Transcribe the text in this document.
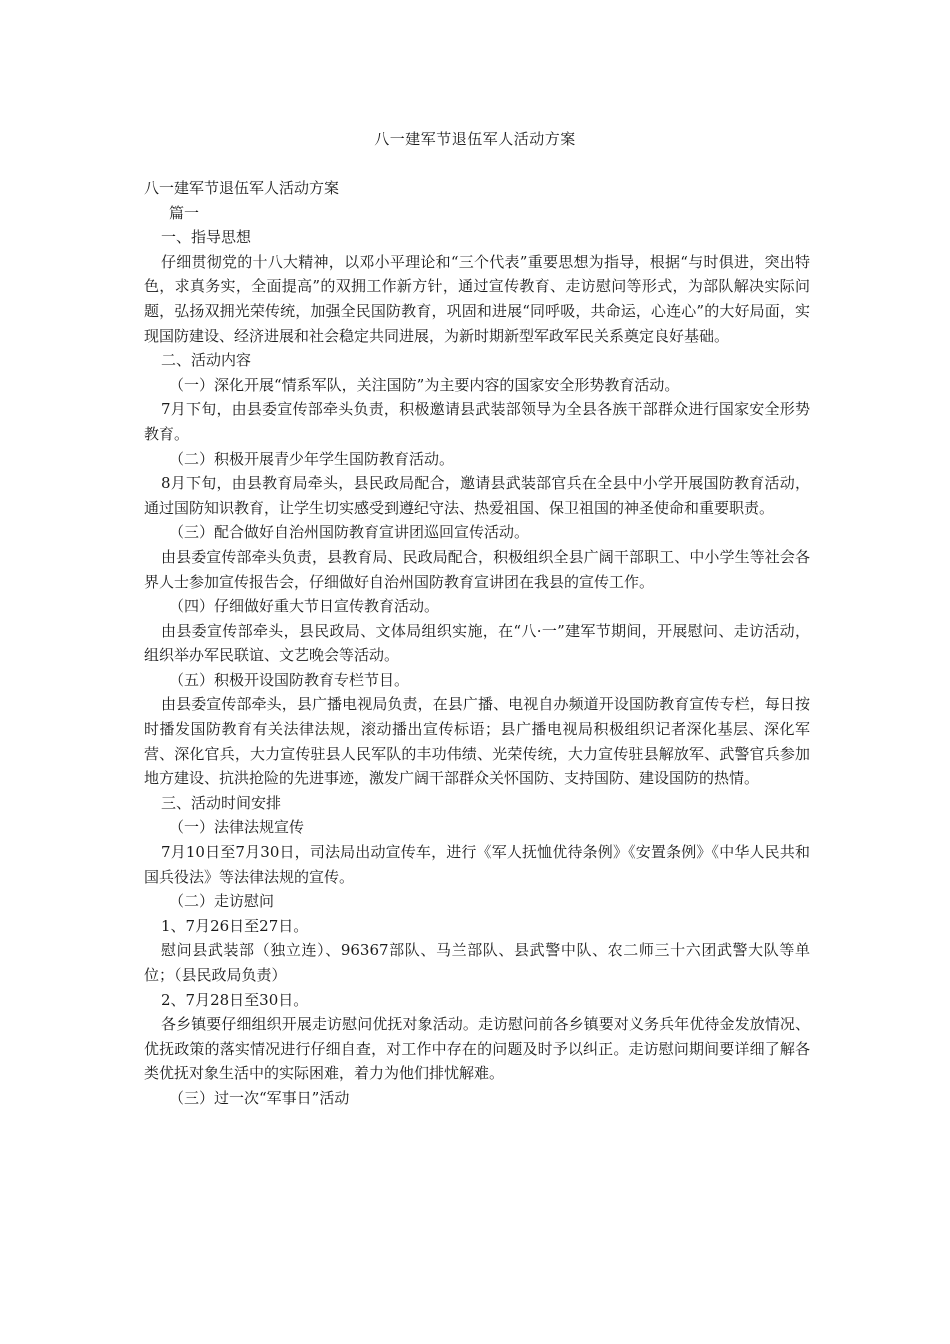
八一建军节退伍军人活动方案

八一建军节退伍军人活动方案

篇一

一、指导思想

仔细贯彻党的十八大精神，以邓小平理论和“三个代表”重要思想为指导，根据“与时俱进，突出特色，求真务实，全面提高”的双拥工作新方针，通过宣传教育、走访慰问等形式，为部队解决实际问题，弘扬双拥光荣传统，加强全民国防教育，巩固和进展“同呼吸，共命运，心连心”的大好局面，实现国防建设、经济进展和社会稳定共同进展，为新时期新型军政军民关系奠定良好基础。

二、活动内容

（一）深化开展“情系军队，关注国防”为主要内容的国家安全形势教育活动。

7月下旬，由县委宣传部牵头负责，积极邀请县武装部领导为全县各族干部群众进行国家安全形势教育。

（二）积极开展青少年学生国防教育活动。

8月下旬，由县教育局牵头，县民政局配合，邀请县武装部官兵在全县中小学开展国防教育活动，通过国防知识教育，让学生切实感受到遵纪守法、热爱祖国、保卫祖国的神圣使命和重要职责。

（三）配合做好自治州国防教育宣讲团巡回宣传活动。

由县委宣传部牵头负责，县教育局、民政局配合，积极组织全县广阔干部职工、中小学生等社会各界人士参加宣传报告会，仔细做好自治州国防教育宣讲团在我县的宣传工作。

（四）仔细做好重大节日宣传教育活动。

由县委宣传部牵头，县民政局、文体局组织实施，在“八·一”建军节期间，开展慰问、走访活动，组织举办军民联谊、文艺晚会等活动。

（五）积极开设国防教育专栏节目。

由县委宣传部牵头，县广播电视局负责，在县广播、电视自办频道开设国防教育宣传专栏，每日按时播发国防教育有关法律法规，滚动播出宣传标语；县广播电视局积极组织记者深化基层、深化军营、深化官兵，大力宣传驻县人民军队的丰功伟绩、光荣传统，大力宣传驻县解放军、武警官兵参加地方建设、抗洪抢险的先进事迹，激发广阔干部群众关怀国防、支持国防、建设国防的热情。

三、活动时间安排

（一）法律法规宣传

7月10日至7月30日，司法局出动宣传车，进行《军人抚恤优待条例》《安置条例》《中华人民共和国兵役法》等法律法规的宣传。

（二）走访慰问

1、7月26日至27日。

慰问县武装部（独立连）、96367部队、马兰部队、县武警中队、农二师三十六团武警大队等单位；（县民政局负责）

2、7月28日至30日。

各乡镇要仔细组织开展走访慰问优抚对象活动。走访慰问前各乡镇要对义务兵年优待金发放情况、优抚政策的落实情况进行仔细自查，对工作中存在的问题及时予以纠正。走访慰问期间要详细了解各类优抚对象生活中的实际困难，着力为他们排忧解难。

（三）过一次“军事日”活动
